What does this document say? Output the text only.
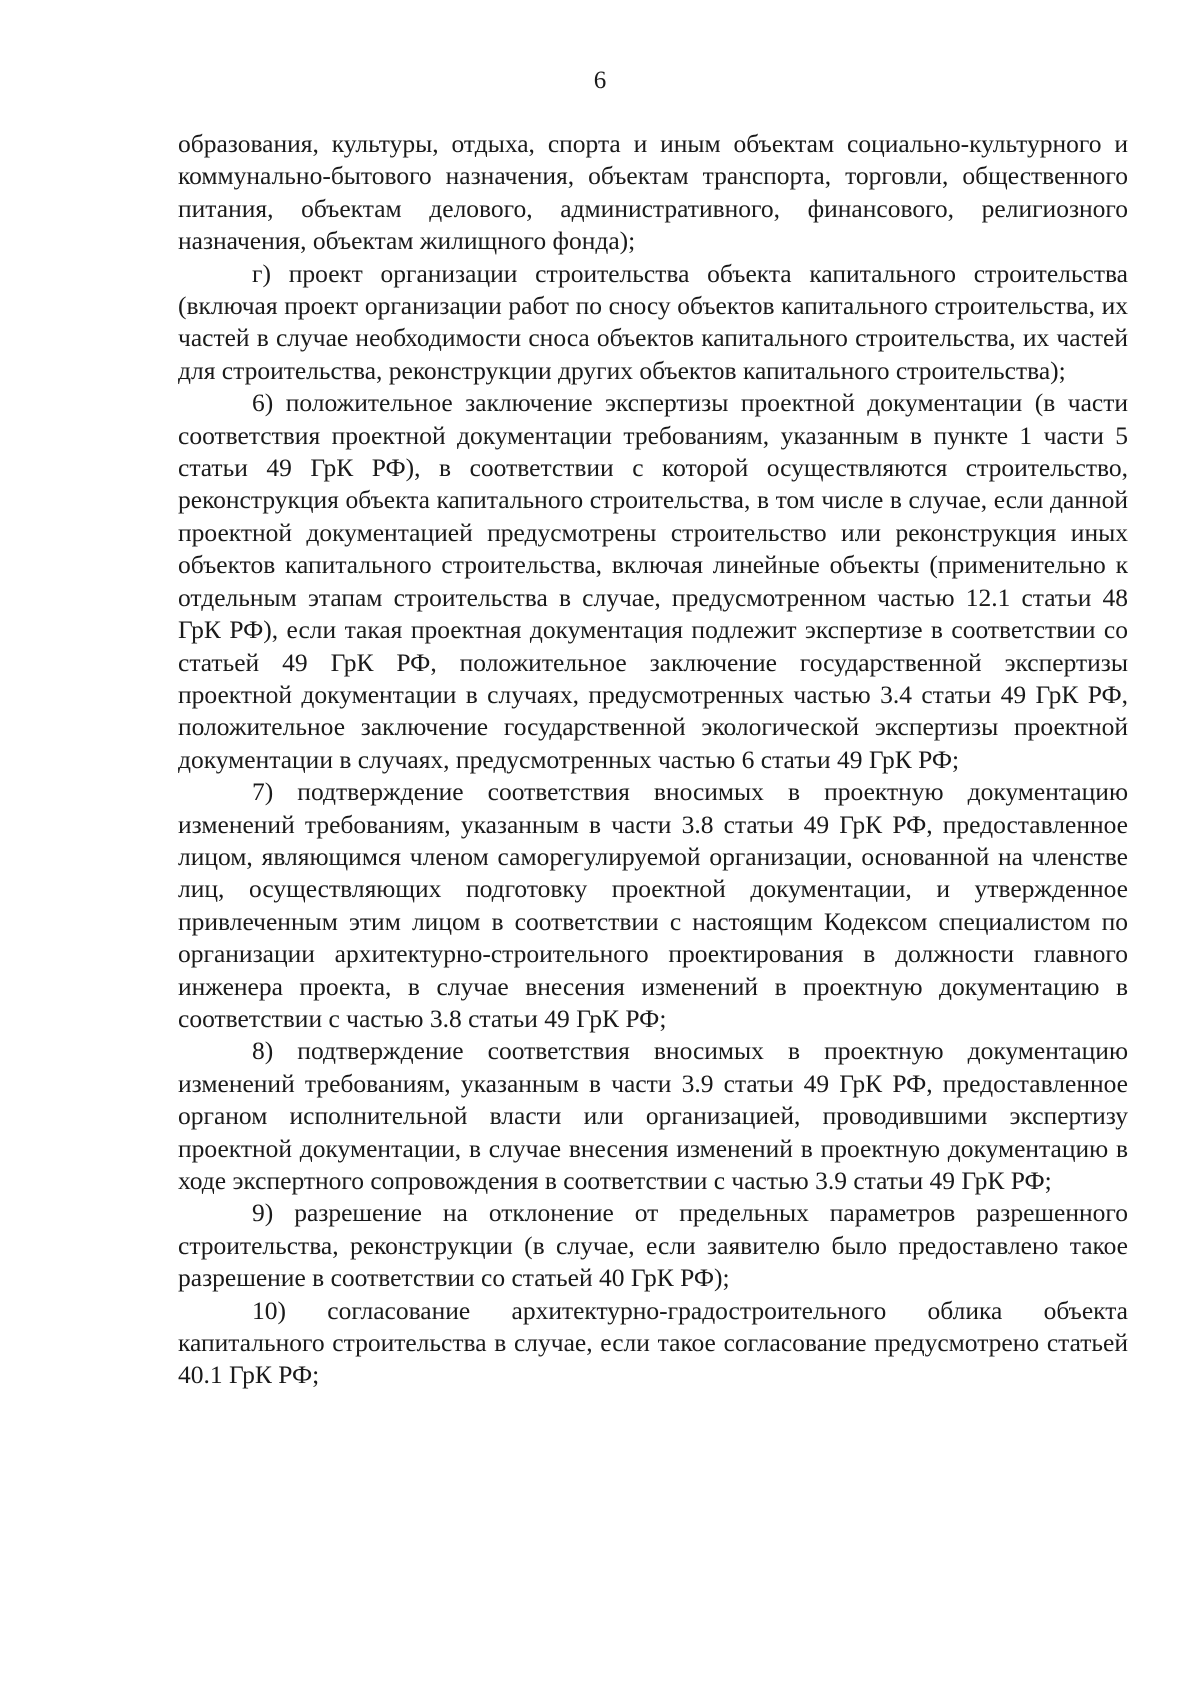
6

образования, культуры, отдыха, спорта и иным объектам социально-культурного и коммунально-бытового назначения, объектам транспорта, торговли, общественного питания, объектам делового, административного, финансового, религиозного назначения, объектам жилищного фонда);

г) проект организации строительства объекта капитального строительства (включая проект организации работ по сносу объектов капитального строительства, их частей в случае необходимости сноса объектов капитального строительства, их частей для строительства, реконструкции других объектов капитального строительства);

6) положительное заключение экспертизы проектной документации (в части соответствия проектной документации требованиям, указанным в пункте 1 части 5 статьи 49 ГрК РФ), в соответствии с которой осуществляются строительство, реконструкция объекта капитального строительства, в том числе в случае, если данной проектной документацией предусмотрены строительство или реконструкция иных объектов капитального строительства, включая линейные объекты (применительно к отдельным этапам строительства в случае, предусмотренном частью 12.1 статьи 48 ГрК РФ), если такая проектная документация подлежит экспертизе в соответствии со статьей 49 ГрК РФ, положительное заключение государственной экспертизы проектной документации в случаях, предусмотренных частью 3.4 статьи 49 ГрК РФ, положительное заключение государственной экологической экспертизы проектной документации в случаях, предусмотренных частью 6 статьи 49 ГрК РФ;

7) подтверждение соответствия вносимых в проектную документацию изменений требованиям, указанным в части 3.8 статьи 49 ГрК РФ, предоставленное лицом, являющимся членом саморегулируемой организации, основанной на членстве лиц, осуществляющих подготовку проектной документации, и утвержденное привлеченным этим лицом в соответствии с настоящим Кодексом специалистом по организации архитектурно-строительного проектирования в должности главного инженера проекта, в случае внесения изменений в проектную документацию в соответствии с частью 3.8 статьи 49 ГрК РФ;

8) подтверждение соответствия вносимых в проектную документацию изменений требованиям, указанным в части 3.9 статьи 49 ГрК РФ, предоставленное органом исполнительной власти или организацией, проводившими экспертизу проектной документации, в случае внесения изменений в проектную документацию в ходе экспертного сопровождения в соответствии с частью 3.9 статьи 49 ГрК РФ;

9) разрешение на отклонение от предельных параметров разрешенного строительства, реконструкции (в случае, если заявителю было предоставлено такое разрешение в соответствии со статьей 40 ГрК РФ);

10) согласование архитектурно-градостроительного облика объекта капитального строительства в случае, если такое согласование предусмотрено статьей 40.1 ГрК РФ;
